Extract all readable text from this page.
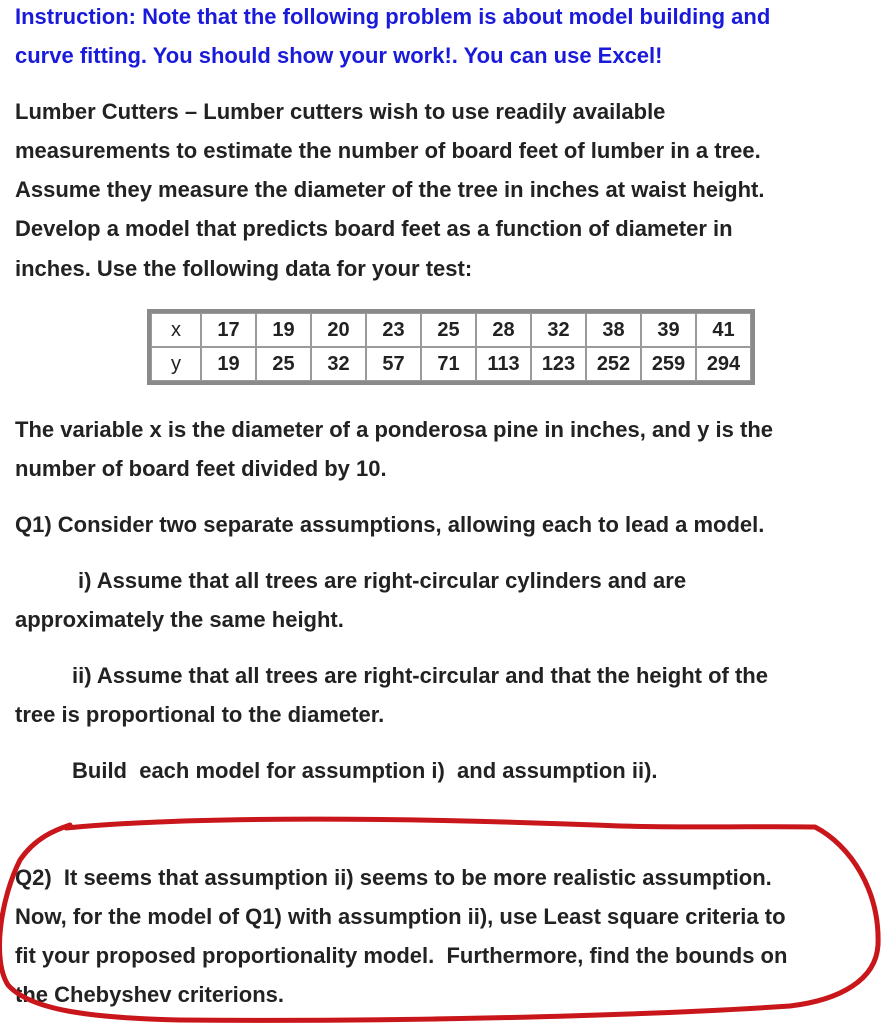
Instruction: Note that the following problem is about model building and

curve fitting. You should show your work!. You can use Excel!

Lumber Cutters – Lumber cutters wish to use readily available

measurements to estimate the number of board feet of lumber in a tree.

Assume they measure the diameter of the tree in inches at waist height.

Develop a model that predicts board feet as a function of diameter in

inches. Use the following data for your test:

x	17	19	20	23	25	28	32	38	39	41
y	19	25	32	57	71	113	123	252	259	294

The variable x is the diameter of a ponderosa pine in inches, and y is the

number of board feet divided by 10.

Q1) Consider two separate assumptions, allowing each to lead a model.

i) Assume that all trees are right-circular cylinders and are

approximately the same height.

ii) Assume that all trees are right-circular and that the height of the

tree is proportional to the diameter.

Build  each model for assumption i)  and assumption ii).

Q2)  It seems that assumption ii) seems to be more realistic assumption.

Now, for the model of Q1) with assumption ii), use Least square criteria to

fit your proposed proportionality model.  Furthermore, find the bounds on

the Chebyshev criterions.
